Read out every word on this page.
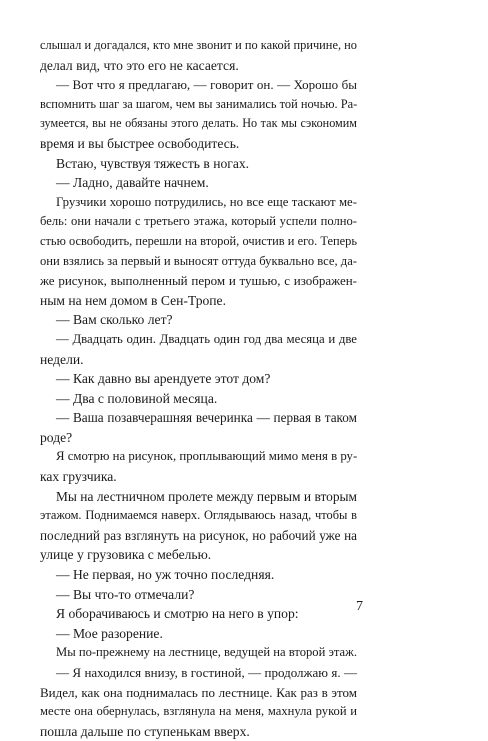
слышал и догадался, кто мне звонит и по какой причине, но
делал вид, что это его не касается.
— Вот что я предлагаю, — говорит он. — Хорошо бы
вспомнить шаг за шагом, чем вы занимались той ночью. Ра-
зумеется, вы не обязаны этого делать. Но так мы сэкономим
время и вы быстрее освободитесь.
Встаю, чувствуя тяжесть в ногах.
— Ладно, давайте начнем.
Грузчики хорошо потрудились, но все еще таскают ме-
бель: они начали с третьего этажа, который успели полно-
стью освободить, перешли на второй, очистив и его. Теперь
они взялись за первый и выносят оттуда буквально все, да-
же рисунок, выполненный пером и тушью, с изображен-
ным на нем домом в Сен-Тропе.
— Вам сколько лет?
— Двадцать один. Двадцать один год два месяца и две
недели.
— Как давно вы арендуете этот дом?
— Два с половиной месяца.
— Ваша позавчерашняя вечеринка — первая в таком
роде?
Я смотрю на рисунок, проплывающий мимо меня в ру-
ках грузчика.
Мы на лестничном пролете между первым и вторым
этажом. Поднимаемся наверх. Оглядываюсь назад, чтобы в
последний раз взглянуть на рисунок, но рабочий уже на
улице у грузовика с мебелью.
— Не первая, но уж точно последняя.
— Вы что-то отмечали?
Я оборачиваюсь и смотрю на него в упор:
— Мое разорение.
Мы по-прежнему на лестнице, ведущей на второй этаж.
— Я находился внизу, в гостиной, — продолжаю я. —
Видел, как она поднималась по лестнице. Как раз в этом
месте она обернулась, взглянула на меня, махнула рукой и
пошла дальше по ступенькам вверх.
7
